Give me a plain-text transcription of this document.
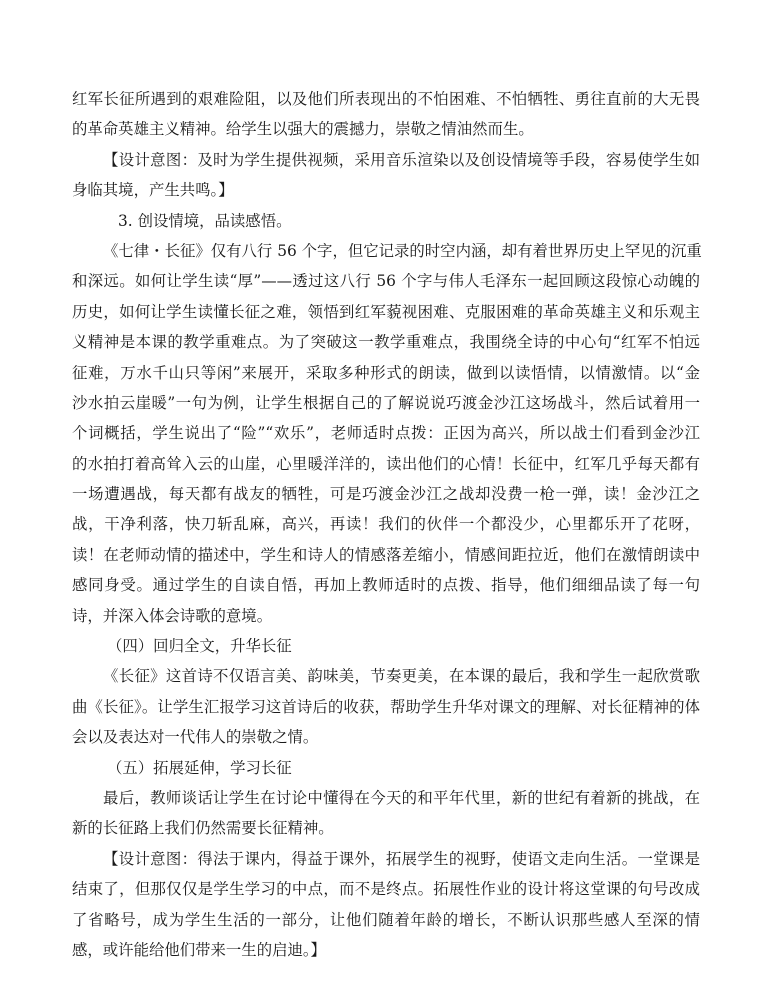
红军长征所遇到的艰难险阻，以及他们所表现出的不怕困难、不怕牺牲、勇往直前的大无畏
的革命英雄主义精神。给学生以强大的震撼力，崇敬之情油然而生。
【设计意图：及时为学生提供视频，采用音乐渲染以及创设情境等手段，容易使学生如
身临其境，产生共鸣。】
3. 创设情境，品读感悟。
《七律・长征》仅有八行 56 个字，但它记录的时空内涵，却有着世界历史上罕见的沉重
和深远。如何让学生读“厚”——透过这八行 56 个字与伟人毛泽东一起回顾这段惊心动魄的
历史，如何让学生读懂长征之难，领悟到红军藐视困难、克服困难的革命英雄主义和乐观主
义精神是本课的教学重难点。为了突破这一教学重难点，我围绕全诗的中心句“红军不怕远
征难，万水千山只等闲”来展开，采取多种形式的朗读，做到以读悟情，以情激情。以“金
沙水拍云崖暖”一句为例，让学生根据自己的了解说说巧渡金沙江这场战斗，然后试着用一
个词概括，学生说出了“险”“欢乐”，老师适时点拨：正因为高兴，所以战士们看到金沙江
的水拍打着高耸入云的山崖，心里暖洋洋的，读出他们的心情！长征中，红军几乎每天都有
一场遭遇战，每天都有战友的牺牲，可是巧渡金沙江之战却没费一枪一弹，读！金沙江之
战，干净利落，快刀斩乱麻，高兴，再读！我们的伙伴一个都没少，心里都乐开了花呀，
读！在老师动情的描述中，学生和诗人的情感落差缩小，情感间距拉近，他们在激情朗读中
感同身受。通过学生的自读自悟，再加上教师适时的点拨、指导，他们细细品读了每一句
诗，并深入体会诗歌的意境。
（四）回归全文，升华长征
《长征》这首诗不仅语言美、韵味美，节奏更美，在本课的最后，我和学生一起欣赏歌
曲《长征》。让学生汇报学习这首诗后的收获，帮助学生升华对课文的理解、对长征精神的体
会以及表达对一代伟人的崇敬之情。
（五）拓展延伸，学习长征
最后，教师谈话让学生在讨论中懂得在今天的和平年代里，新的世纪有着新的挑战，在
新的长征路上我们仍然需要长征精神。
【设计意图：得法于课内，得益于课外，拓展学生的视野，使语文走向生活。一堂课是
结束了，但那仅仅是学生学习的中点，而不是终点。拓展性作业的设计将这堂课的句号改成
了省略号，成为学生生活的一部分，让他们随着年龄的增长，不断认识那些感人至深的情
感，或许能给他们带来一生的启迪。】
